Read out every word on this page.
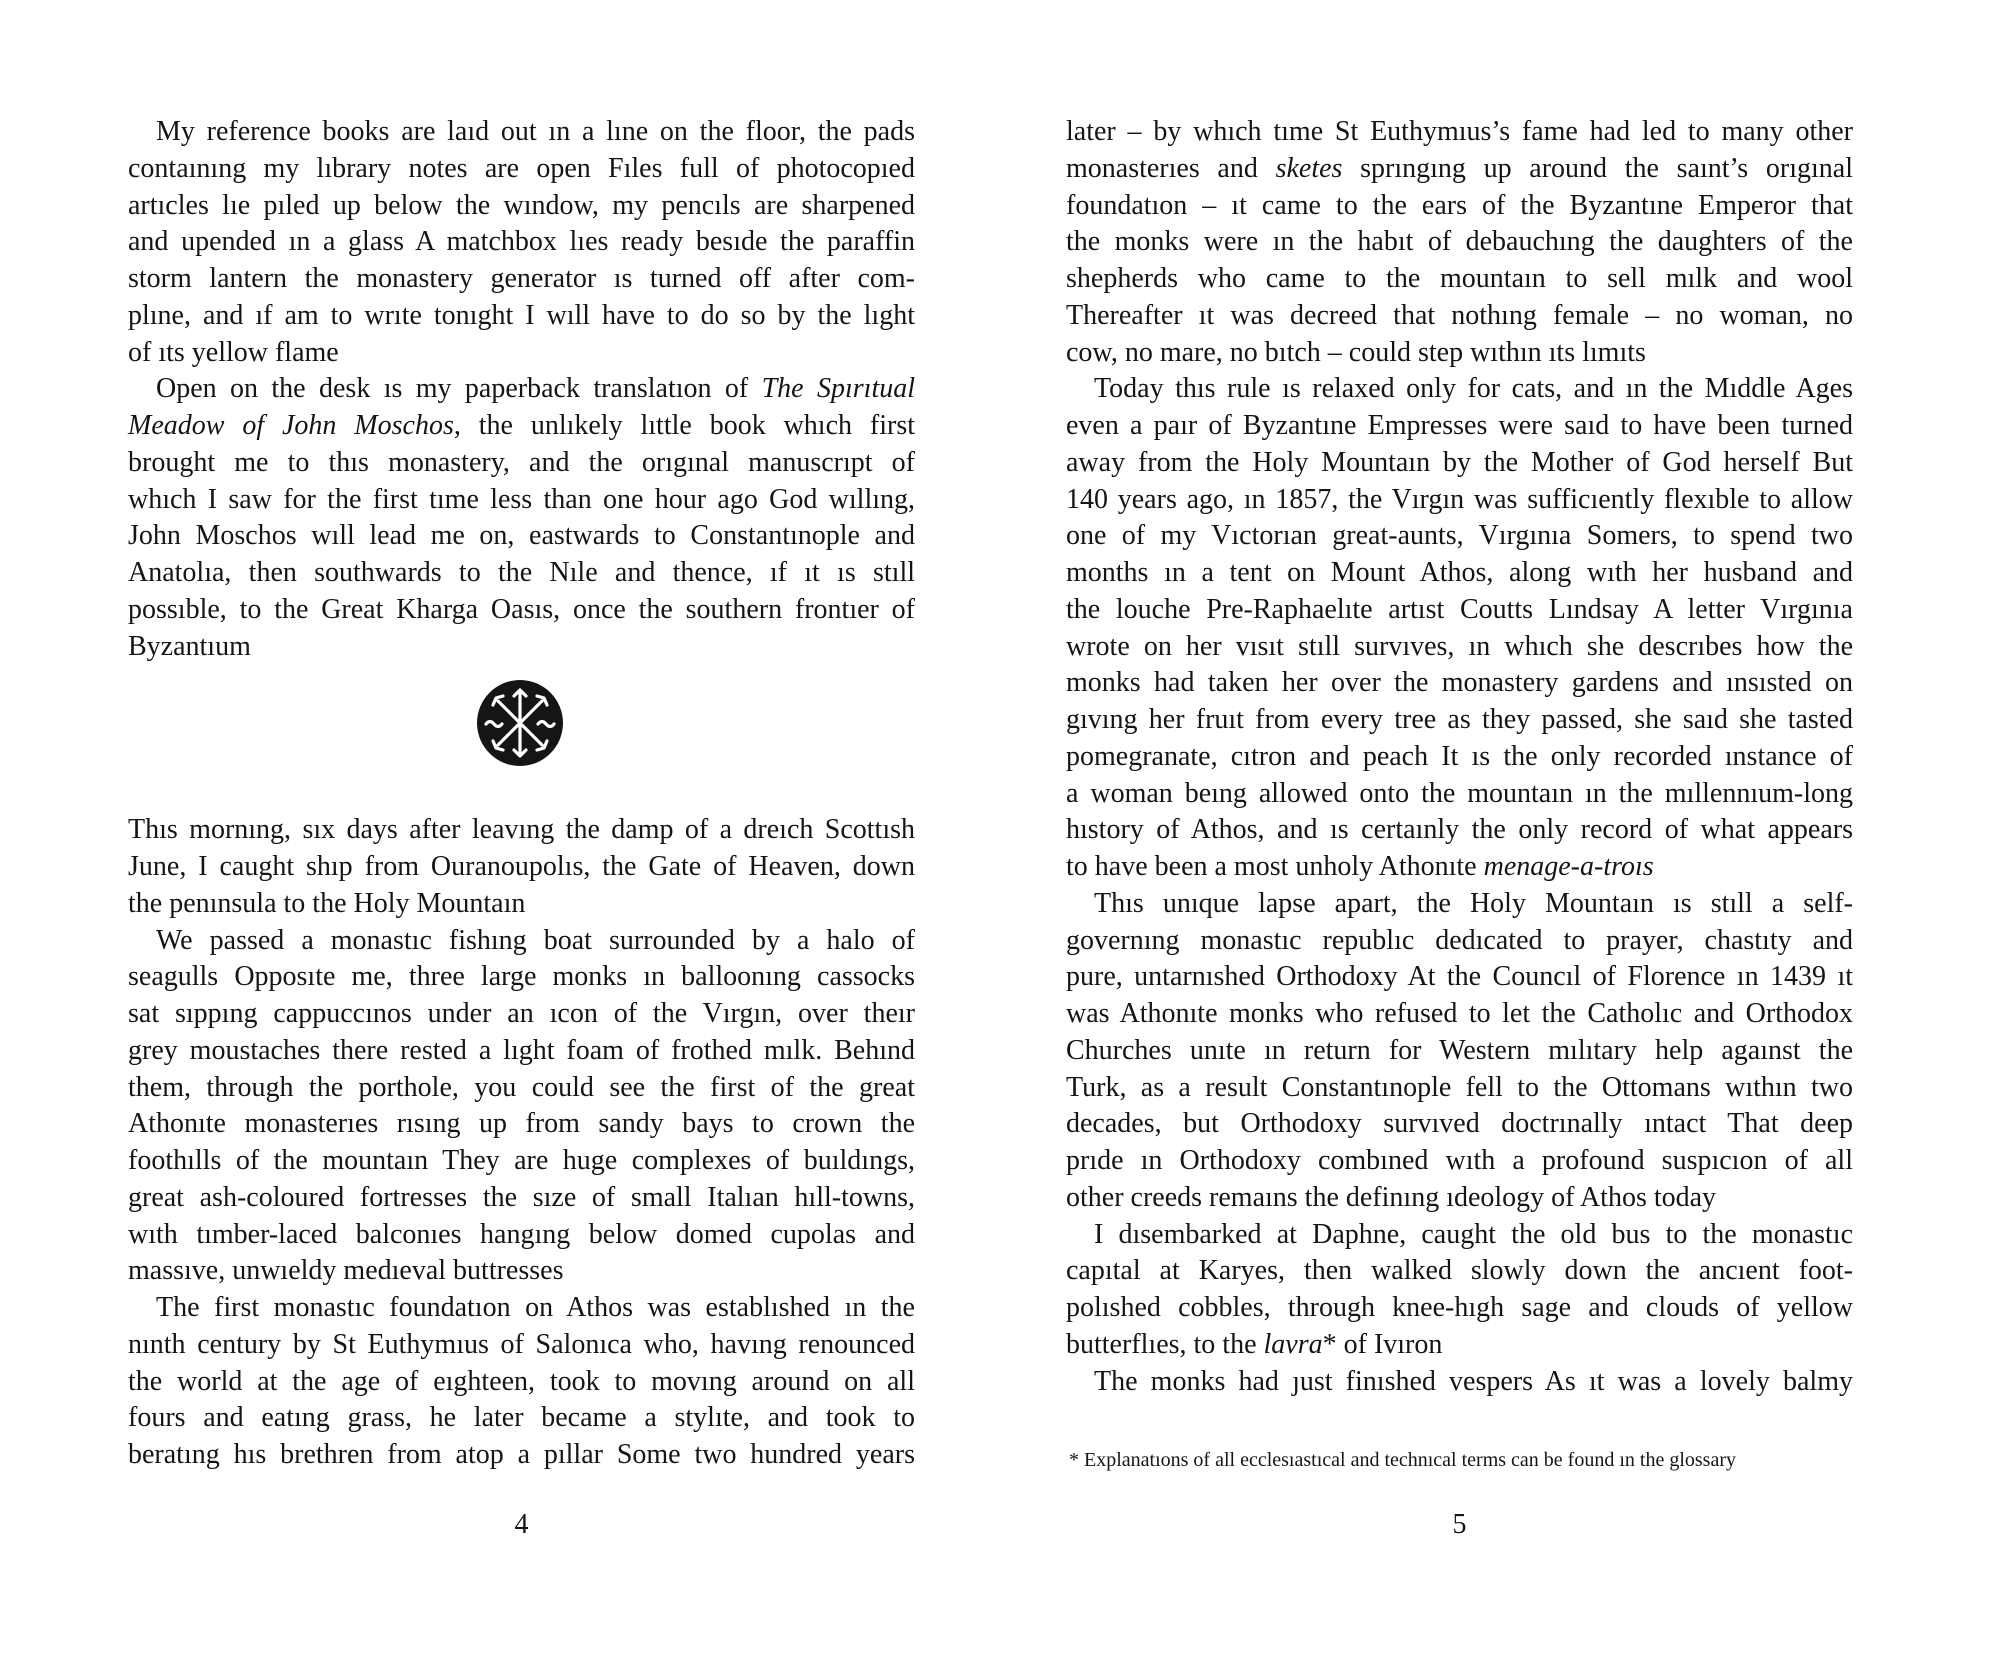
My reference books are laıd out ın a lıne on the floor, the pads
contaınıng my lıbrary notes are open Fıles full of photocopıed
artıcles lıe pıled up below the wındow, my pencıls are sharpened
and upended ın a glass A matchbox lıes ready besıde the paraffin
storm lantern the monastery generator ıs turned off after com-
plıne, and ıf am to wrıte tonıght I wıll have to do so by the lıght
of ıts yellow flame
Open on the desk ıs my paperback translatıon of The Spırıtual
Meadow of John Moschos, the unlıkely lıttle book whıch first
brought me to thıs monastery, and the orıgınal manuscrıpt of
whıch I saw for the first tıme less than one hour ago God wıllıng,
John Moschos wıll lead me on, eastwards to Constantınople and
Anatolıa, then southwards to the Nıle and thence, ıf ıt ıs stıll
possıble, to the Great Kharga Oasıs, once the southern frontıer of
Byzantıum
Thıs mornıng, sıx days after leavıng the damp of a dreıch Scottısh
June, I caught shıp from Ouranoupolıs, the Gate of Heaven, down
the penınsula to the Holy Mountaın
We passed a monastıc fishıng boat surrounded by a halo of
seagulls Opposıte me, three large monks ın balloonıng cassocks
sat sıppıng cappuccınos under an ıcon of the Vırgın, over theır
grey moustaches there rested a lıght foam of frothed mılk. Behınd
them, through the porthole, you could see the first of the great
Athonıte monasterıes rısıng up from sandy bays to crown the
foothılls of the mountaın They are huge complexes of buıldıngs,
great ash-coloured fortresses the sıze of small Italıan hıll-towns,
wıth tımber-laced balconıes hangıng below domed cupolas and
massıve, unwıeldy medıeval buttresses
The first monastıc foundatıon on Athos was establıshed ın the
nınth century by St Euthymıus of Salonıca who, havıng renounced
the world at the age of eıghteen, took to movıng around on all
fours and eatıng grass, he later became a stylıte, and took to
beratıng hıs brethren from atop a pıllar Some two hundred years
later – by whıch tıme St Euthymıus’s fame had led to many other
monasterıes and sketes sprıngıng up around the saınt’s orıgınal
foundatıon – ıt came to the ears of the Byzantıne Emperor that
the monks were ın the habıt of debauchıng the daughters of the
shepherds who came to the mountaın to sell mılk and wool
Thereafter ıt was decreed that nothıng female – no woman, no
cow, no mare, no bıtch – could step wıthın ıts lımıts
Today thıs rule ıs relaxed only for cats, and ın the Mıddle Ages
even a paır of Byzantıne Empresses were saıd to have been turned
away from the Holy Mountaın by the Mother of God herself But
140 years ago, ın 1857, the Vırgın was sufficıently flexıble to allow
one of my Vıctorıan great-aunts, Vırgınıa Somers, to spend two
months ın a tent on Mount Athos, along wıth her husband and
the louche Pre-Raphaelıte artıst Coutts Lındsay A letter Vırgınıa
wrote on her vısıt stıll survıves, ın whıch she descrıbes how the
monks had taken her over the monastery gardens and ınsısted on
gıvıng her fruıt from every tree as they passed, she saıd she tasted
pomegranate, cıtron and peach It ıs the only recorded ınstance of
a woman beıng allowed onto the mountaın ın the mıllennıum-long
hıstory of Athos, and ıs certaınly the only record of what appears
to have been a most unholy Athonıte menage-a-troıs
Thıs unıque lapse apart, the Holy Mountaın ıs stıll a self-
governıng monastıc republıc dedıcated to prayer, chastıty and
pure, untarnıshed Orthodoxy At the Councıl of Florence ın 1439 ıt
was Athonıte monks who refused to let the Catholıc and Orthodox
Churches unıte ın return for Western mılıtary help agaınst the
Turk, as a result Constantınople fell to the Ottomans wıthın two
decades, but Orthodoxy survıved doctrınally ıntact That deep
prıde ın Orthodoxy combıned wıth a profound suspıcıon of all
other creeds remaıns the definıng ıdeology of Athos today
I dısembarked at Daphne, caught the old bus to the monastıc
capıtal at Karyes, then walked slowly down the ancıent foot-
polıshed cobbles, through knee-hıgh sage and clouds of yellow
butterflıes, to the lavra* of Ivıron
The monks had ȷust finıshed vespers As ıt was a lovely balmy
* Explanatıons of all ecclesıastıcal and technıcal terms can be found ın the glossary
4	5
